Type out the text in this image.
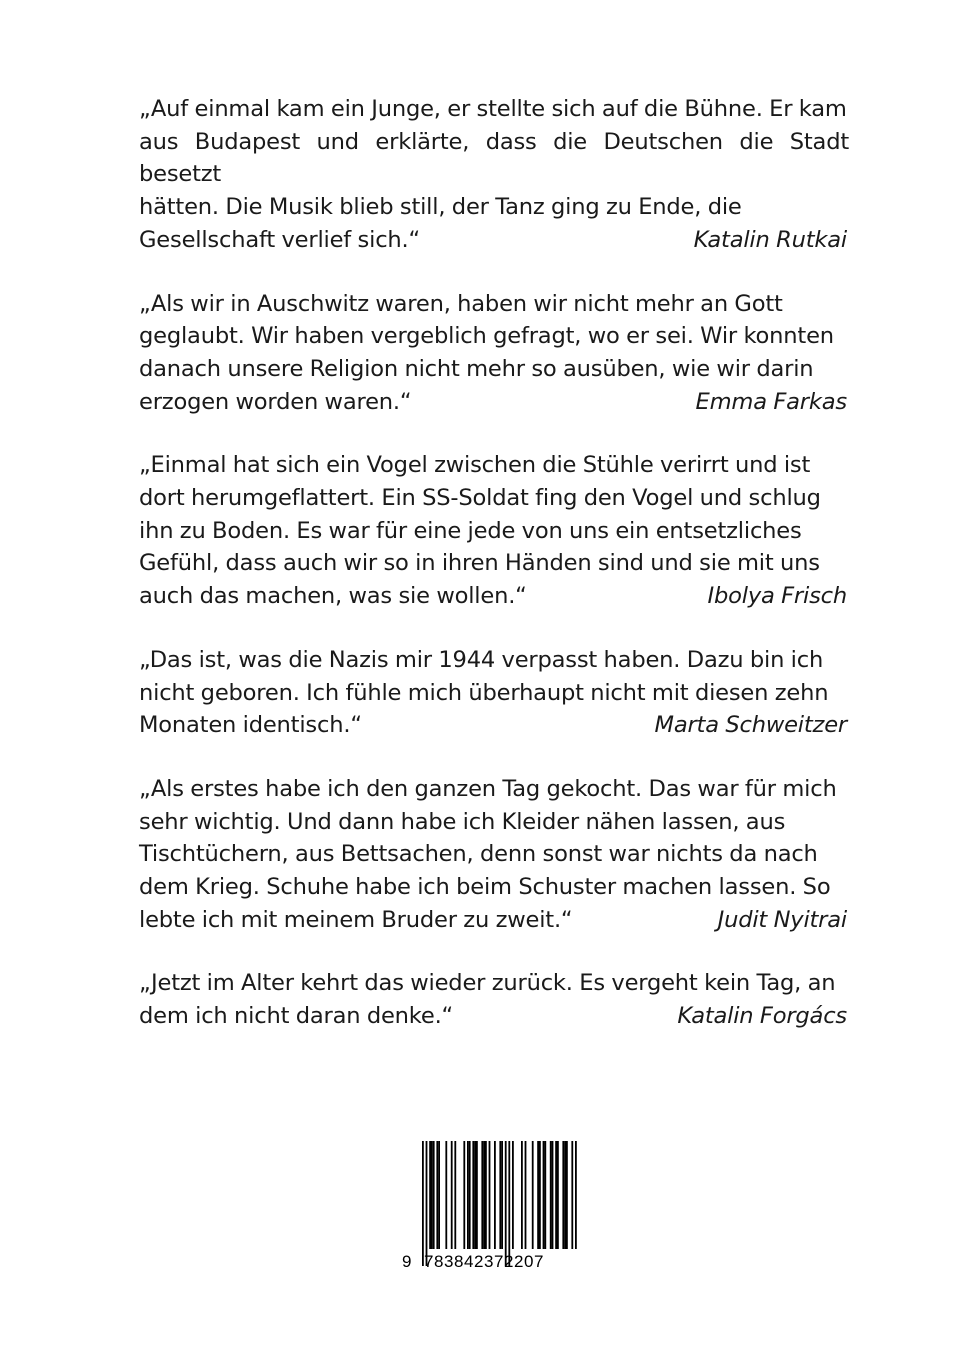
„Auf einmal kam ein Junge, er stellte sich auf die Bühne. Er kam
aus Budapest und erklärte, dass die Deutschen die Stadt besetzt
hätten. Die Musik blieb still, der Tanz ging zu Ende, die
Gesellschaft verlief sich.“	Katalin Rutkai
„Als wir in Auschwitz waren, haben wir nicht mehr an Gott
geglaubt. Wir haben vergeblich gefragt, wo er sei. Wir konnten
danach unsere Religion nicht mehr so ausüben, wie wir darin
erzogen worden waren.“	Emma Farkas
„Einmal hat sich ein Vogel zwischen die Stühle verirrt und ist
dort herumgeflattert. Ein SS-Soldat fing den Vogel und schlug
ihn zu Boden. Es war für eine jede von uns ein entsetzliches
Gefühl, dass auch wir so in ihren Händen sind und sie mit uns
auch das machen, was sie wollen.“	Ibolya Frisch
„Das ist, was die Nazis mir 1944 verpasst haben. Dazu bin ich
nicht geboren. Ich fühle mich überhaupt nicht mit diesen zehn
Monaten identisch.“	Marta Schweitzer
„Als erstes habe ich den ganzen Tag gekocht. Das war für mich
sehr wichtig. Und dann habe ich Kleider nähen lassen, aus
Tischtüchern, aus Bettsachen, denn sonst war nichts da nach
dem Krieg. Schuhe habe ich beim Schuster machen lassen. So
lebte ich mit meinem Bruder zu zweit.“	Judit Nyitrai
„Jetzt im Alter kehrt das wieder zurück. Es vergeht kein Tag, an
dem ich nicht daran denke.“	Katalin Forgács
9 783842372207
